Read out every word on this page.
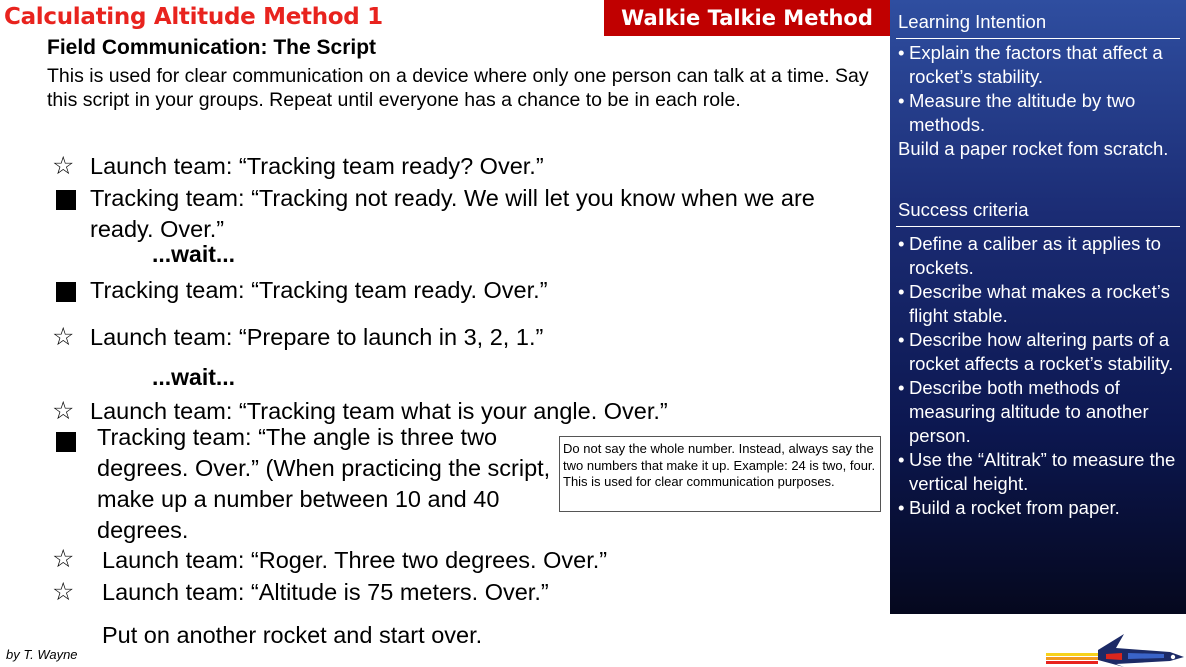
Calculating Altitude Method 1	Walkie Talkie Method
Field Communication: The Script
This is used for clear communication on a device where only one person can talk at a time. Say this script in your groups. Repeat until everyone has a chance to be in each role.
☆ Launch team: “Tracking team ready? Over.”
Tracking team: “Tracking not ready. We will let you know when we are ready. Over.”
...wait...
Tracking team: “Tracking team ready. Over.”
☆ Launch team: “Prepare to launch in 3, 2, 1.”
...wait...
☆ Launch team: “Tracking team what is your angle. Over.”
Tracking team: “The angle is three two degrees. Over.” (When practicing the script, make up a number between 10 and 40 degrees.
Do not say the whole number. Instead, always say the two numbers that make it up. Example: 24 is two, four. This is used for clear communication purposes.
☆ Launch team: “Roger. Three two degrees. Over.”
☆ Launch team: “Altitude is 75 meters. Over.”
Put on another rocket and start over.
Learning Intention
• Explain the factors that affect a rocket’s stability.
• Measure the altitude by two methods.
Build a paper rocket fom scratch.
Success criteria
• Define a caliber as it applies to rockets.
• Describe what makes a rocket’s flight stable.
• Describe how altering parts of a rocket affects a rocket’s stability.
• Describe both methods of measuring altitude to another person.
• Use the “Altitrak” to measure the vertical height.
• Build a rocket from paper.
by T. Wayne
